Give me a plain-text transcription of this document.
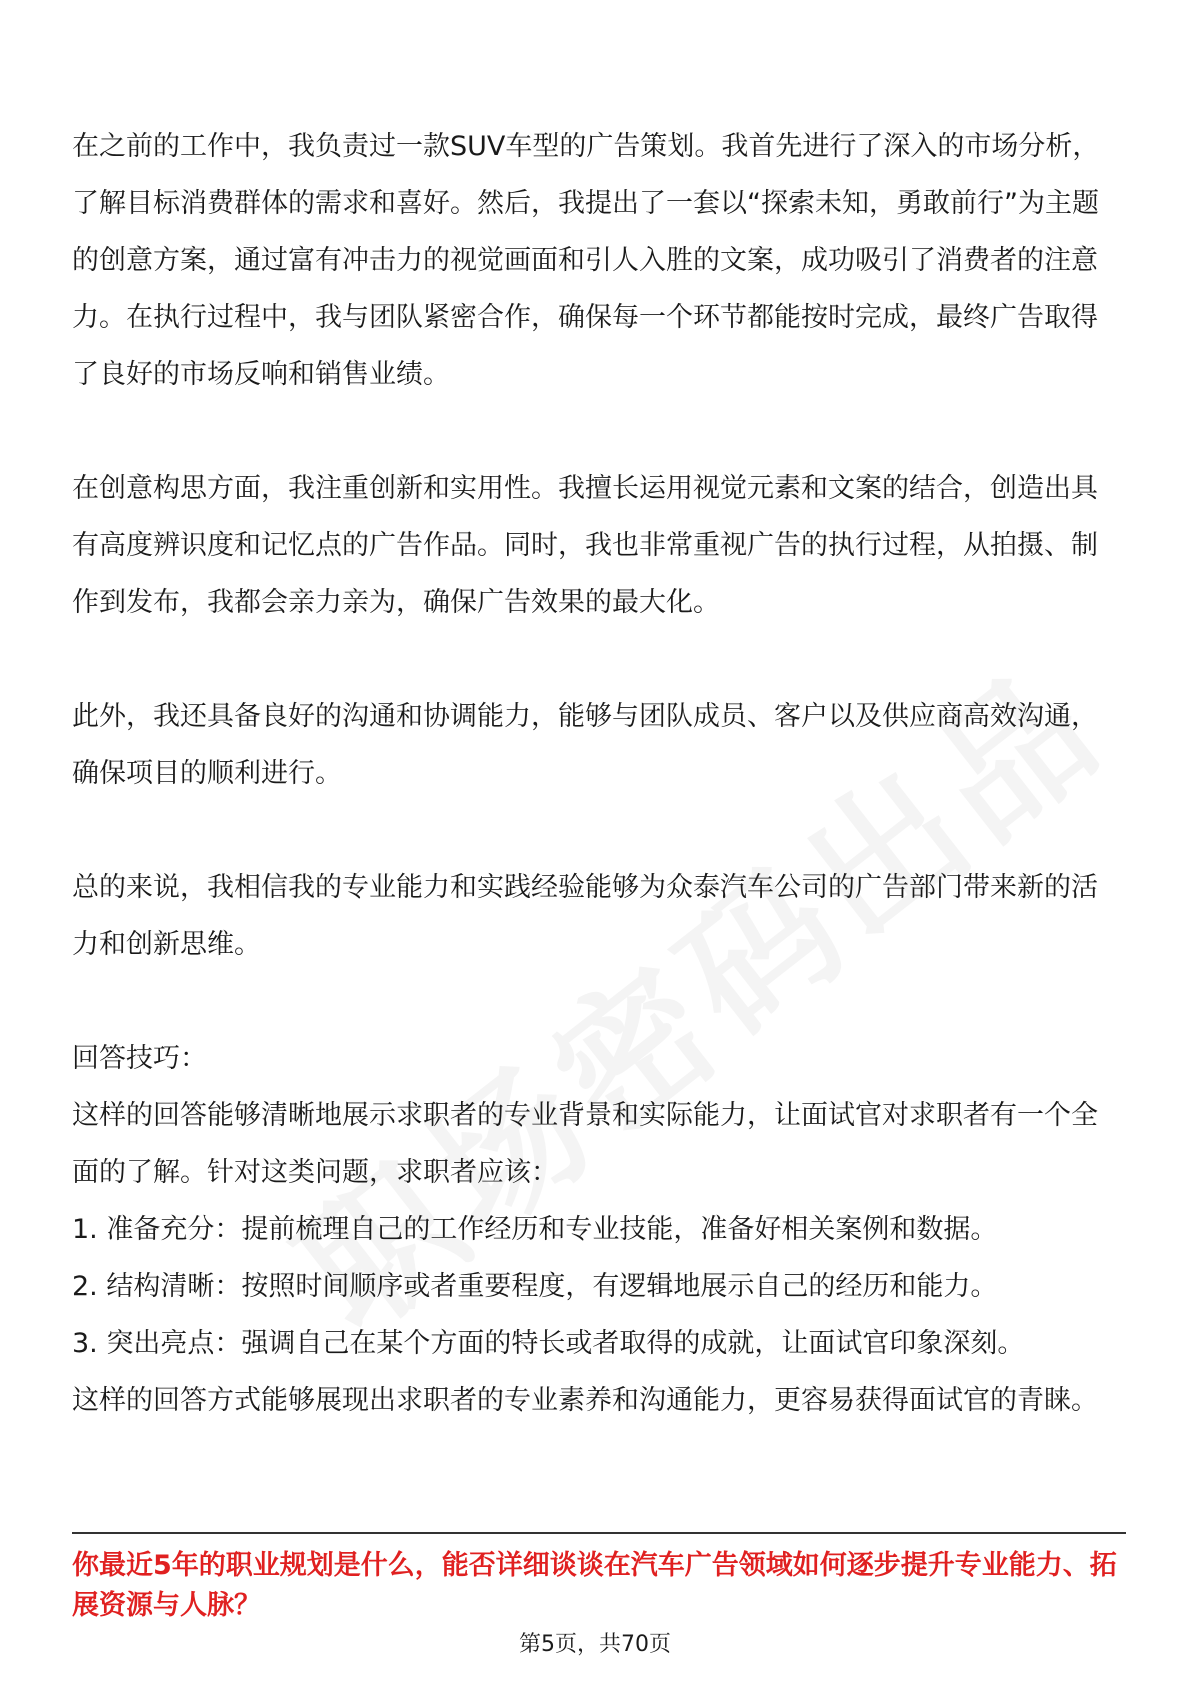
在之前的工作中，我负责过一款SUV车型的广告策划。我首先进行了深入的市场分析，了解目标消费群体的需求和喜好。然后，我提出了一套以“探索未知，勇敢前行”为主题的创意方案，通过富有冲击力的视觉画面和引人入胜的文案，成功吸引了消费者的注意力。在执行过程中，我与团队紧密合作，确保每一个环节都能按时完成，最终广告取得了良好的市场反响和销售业绩。

在创意构思方面，我注重创新和实用性。我擅长运用视觉元素和文案的结合，创造出具有高度辨识度和记忆点的广告作品。同时，我也非常重视广告的执行过程，从拍摄、制作到发布，我都会亲力亲为，确保广告效果的最大化。

此外，我还具备良好的沟通和协调能力，能够与团队成员、客户以及供应商高效沟通，确保项目的顺利进行。

总的来说，我相信我的专业能力和实践经验能够为众泰汽车公司的广告部门带来新的活力和创新思维。

回答技巧：

这样的回答能够清晰地展示求职者的专业背景和实际能力，让面试官对求职者有一个全面的了解。针对这类问题，求职者应该：

1. 准备充分：提前梳理自己的工作经历和专业技能，准备好相关案例和数据。

2. 结构清晰：按照时间顺序或者重要程度，有逻辑地展示自己的经历和能力。

3. 突出亮点：强调自己在某个方面的特长或者取得的成就，让面试官印象深刻。

这样的回答方式能够展现出求职者的专业素养和沟通能力，更容易获得面试官的青睐。

你最近5年的职业规划是什么，能否详细谈谈在汽车广告领域如何逐步提升专业能力、拓展资源与人脉？

第5页，共70页
